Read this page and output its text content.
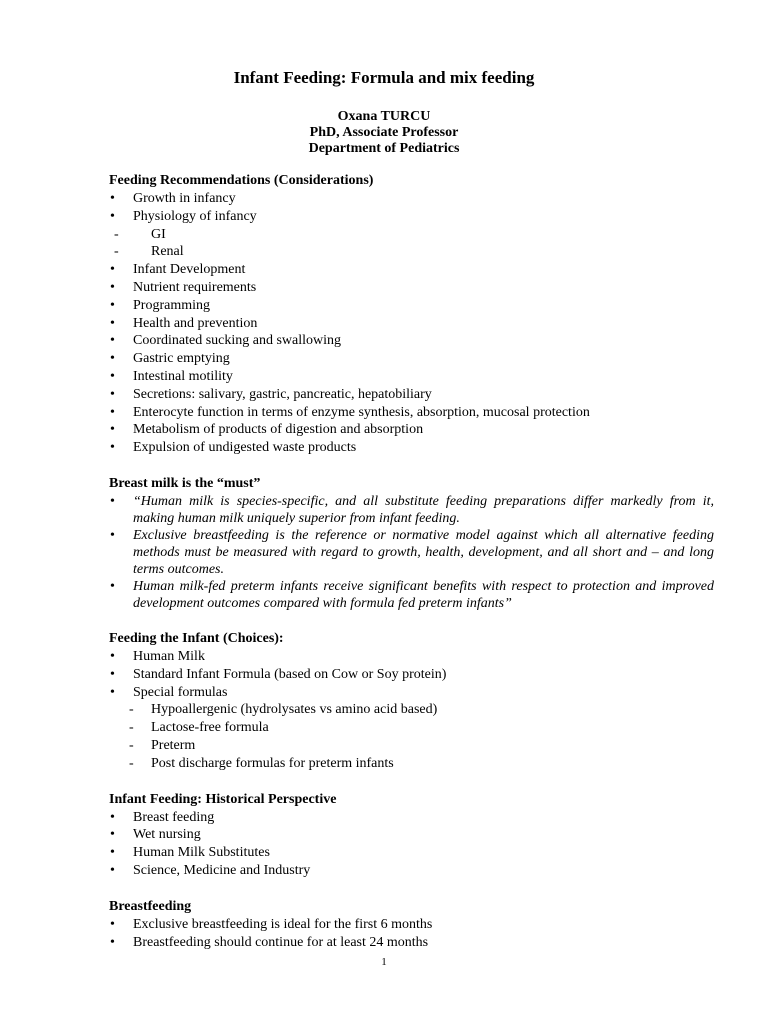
Infant Feeding: Formula and mix feeding
Oxana TURCU
PhD, Associate Professor
Department of Pediatrics
Feeding Recommendations (Considerations)
• Growth in infancy
• Physiology of infancy
- GI
- Renal
• Infant Development
• Nutrient requirements
• Programming
• Health and prevention
• Coordinated sucking and swallowing
• Gastric emptying
• Intestinal motility
• Secretions: salivary, gastric, pancreatic, hepatobiliary
• Enterocyte function in terms of enzyme synthesis, absorption, mucosal protection
• Metabolism of products of digestion and absorption
• Expulsion of undigested waste products
Breast milk is the “must”
• “Human milk is species-specific, and all substitute feeding preparations differ markedly from it, making human milk uniquely superior from infant feeding.
• Exclusive breastfeeding is the reference or normative model against which all alternative feeding methods must be measured with regard to growth, health, development, and all short and – and long terms outcomes.
• Human milk-fed preterm infants receive significant benefits with respect to protection and improved development outcomes compared with formula fed preterm infants”
Feeding the Infant (Choices):
• Human Milk
• Standard Infant Formula (based on Cow or Soy protein)
• Special formulas
- Hypoallergenic (hydrolysates vs amino acid based)
- Lactose-free formula
- Preterm
- Post discharge formulas for preterm infants
Infant Feeding: Historical Perspective
• Breast feeding
• Wet nursing
• Human Milk Substitutes
• Science, Medicine and Industry
Breastfeeding
• Exclusive breastfeeding is ideal for the first 6 months
• Breastfeeding should continue for at least 24 months
1
